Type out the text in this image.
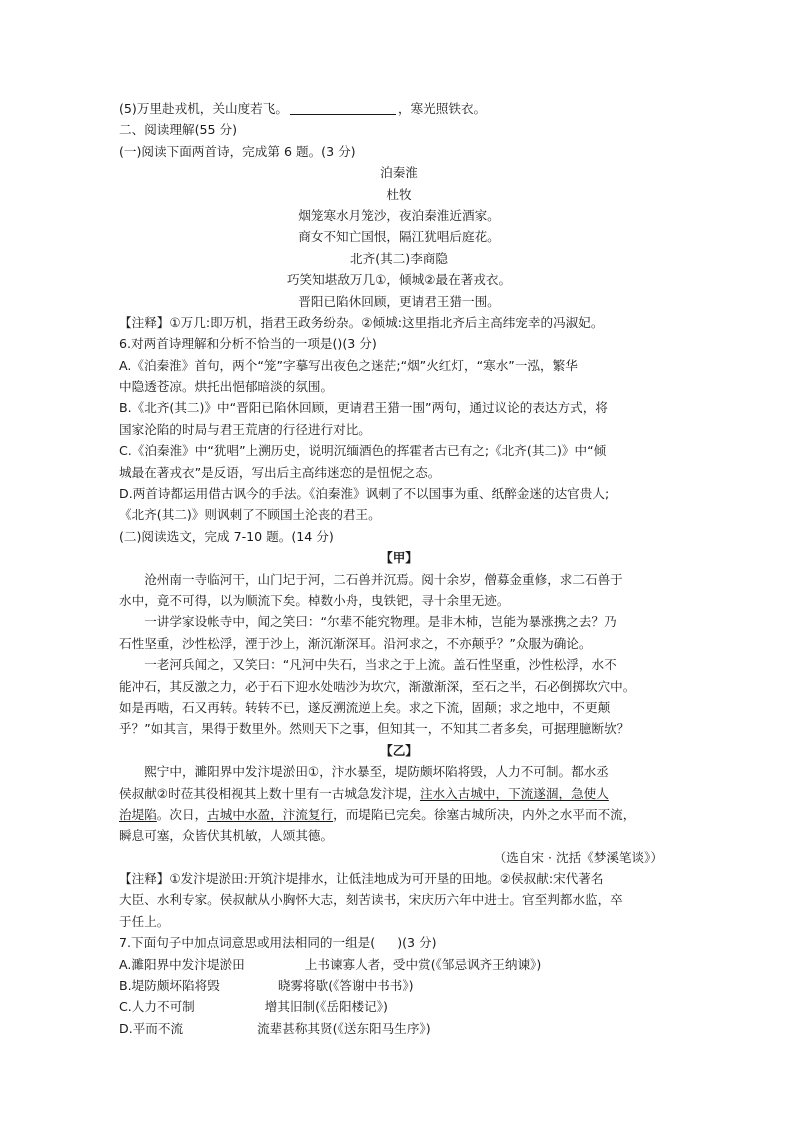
(5)万里赴戎机，关山度若飞。	，寒光照铁衣。
二、阅读理解(55 分)
(一)阅读下面两首诗，完成第 6 题。(3 分)
泊秦淮
杜牧
烟笼寒水月笼沙，夜泊秦淮近酒家。
商女不知亡国恨，隔江犹唱后庭花。
北齐(其二)李商隐
巧笑知堪敌万几①，倾城②最在著戎衣。
晋阳已陷休回顾，更请君王猎一围。
【注释】①万几:即万机，指君王政务纷杂。②倾城:这里指北齐后主高纬宠幸的冯淑妃。
6.对两首诗理解和分析不恰当的一项是()(3 分)
A.《泊秦淮》首句，两个“笼”字摹写出夜色之迷茫;“烟”火红灯，“寒水”一泓，繁华
中隐透苍凉。烘托出悒郁暗淡的氛围。
B.《北齐(其二)》中“晋阳已陷休回顾，更请君王猎一围”两句，通过议论的表达方式，将
国家沦陷的时局与君王荒唐的行径进行对比。
C.《泊秦淮》中“犹唱”上溯历史，说明沉缅酒色的挥霍者古已有之;《北齐(其二)》中“倾
城最在著戎衣”是反语，写出后主高纬迷恋的是忸怩之态。
D.两首诗都运用借古讽今的手法。《泊秦淮》讽刺了不以国事为重、纸醉金迷的达官贵人;
《北齐(其二)》则讽刺了不顾国土沦丧的君王。
(二)阅读选文，完成 7-10 题。(14 分)
【甲】
沧州南一寺临河干，山门圮于河，二石兽并沉焉。阅十余岁，僧募金重修，求二石兽于
水中，竟不可得，以为顺流下矣。棹数小舟，曳铁钯，寻十余里无迹。
一讲学家设帐寺中，闻之笑曰：“尔辈不能究物理。是非木杮，岂能为暴涨携之去？乃
石性坚重，沙性松浮，湮于沙上，渐沉渐深耳。沿河求之，不亦颠乎？”众服为确论。
一老河兵闻之，又笑曰：“凡河中失石，当求之于上流。盖石性坚重，沙性松浮，水不
能冲石，其反激之力，必于石下迎水处啮沙为坎穴，渐激渐深，至石之半，石必倒掷坎穴中。
如是再啮，石又再转。转转不已，遂反溯流逆上矣。求之下流，固颠；求之地中，不更颠
乎？”如其言，果得于数里外。然则天下之事，但知其一，不知其二者多矣，可据理臆断欤？
【乙】
熙宁中，濉阳界中发汴堤淤田①，汴水暴至，堤防颇坏陷将毁，人力不可制。都水丞
侯叔献②时莅其役相视其上数十里有一古城急发汴堤，注水入古城中，下流遂涸，急使人
治堤陷。次日，古城中水盈，汴流复行，而堤陷已完矣。徐塞古城所决，内外之水平而不流，
瞬息可塞，众皆伏其机敏，人颂其德。
（选自宋 · 沈括《梦溪笔谈》）
【注释】①发汴堤淤田:开筑汴堤排水，让低洼地成为可开垦的田地。②侯叔献:宋代著名
大臣、水利专家。侯叔献从小胸怀大志，刻苦读书，宋庆历六年中进士。官至判都水监，卒
于任上。
7.下面句子中加点词意思或用法相同的一组是( )(3 分)
A.濉阳界中发汴堤淤田	上书谏寡人者，受中赏(《邹忌讽齐王纳谏》)
B.堤防颇坏陷将毁	晓雾将歇(《答谢中书书》)
C.人力不可制	增其旧制(《岳阳楼记》)
D.平而不流	流辈甚称其贤(《送东阳马生序》)
